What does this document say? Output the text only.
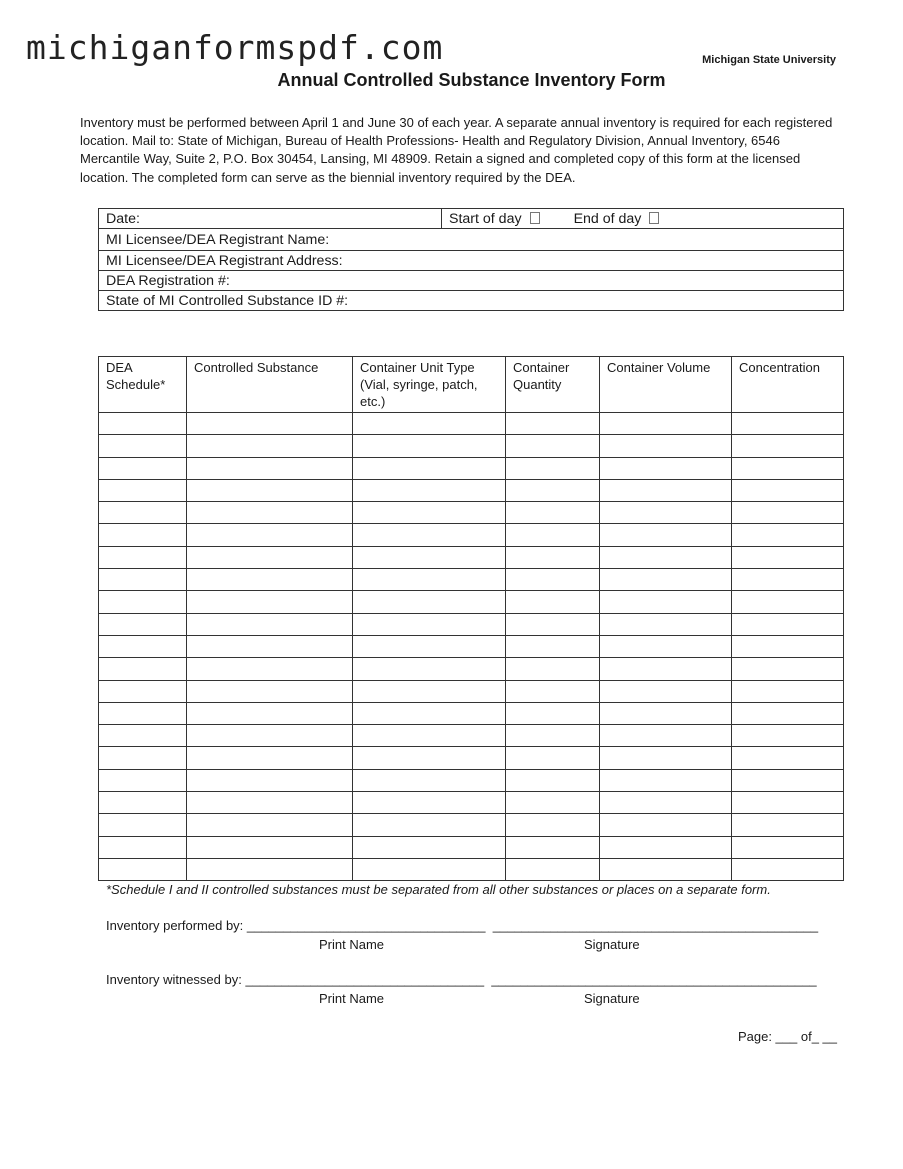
michiganformspdf.com	Michigan State University
Annual Controlled Substance Inventory Form

Inventory must be performed between April 1 and June 30 of each year. A separate annual inventory is required for each registered location. Mail to: State of Michigan, Bureau of Health Professions- Health and Regulatory Division, Annual Inventory, 6546 Mercantile Way, Suite 2, P.O. Box 30454, Lansing, MI 48909. Retain a signed and completed copy of this form at the licensed location. The completed form can serve as the biennial inventory required by the DEA.

Date:	Start of day	End of day
MI Licensee/DEA Registrant Name:
MI Licensee/DEA Registrant Address:
DEA Registration #:
State of MI Controlled Substance ID #:
DEA Schedule*	Controlled Substance	Container Unit Type (Vial, syringe, patch, etc.)	Container Quantity	Container Volume	Concentration

*Schedule I and II controlled substances must be separated from all other substances or places on a separate form.
Inventory performed by: _________________________________ _____________________________________________
Print Name	Signature
Inventory witnessed by: _________________________________ _____________________________________________
Print Name	Signature
Page: ___ of_ __
